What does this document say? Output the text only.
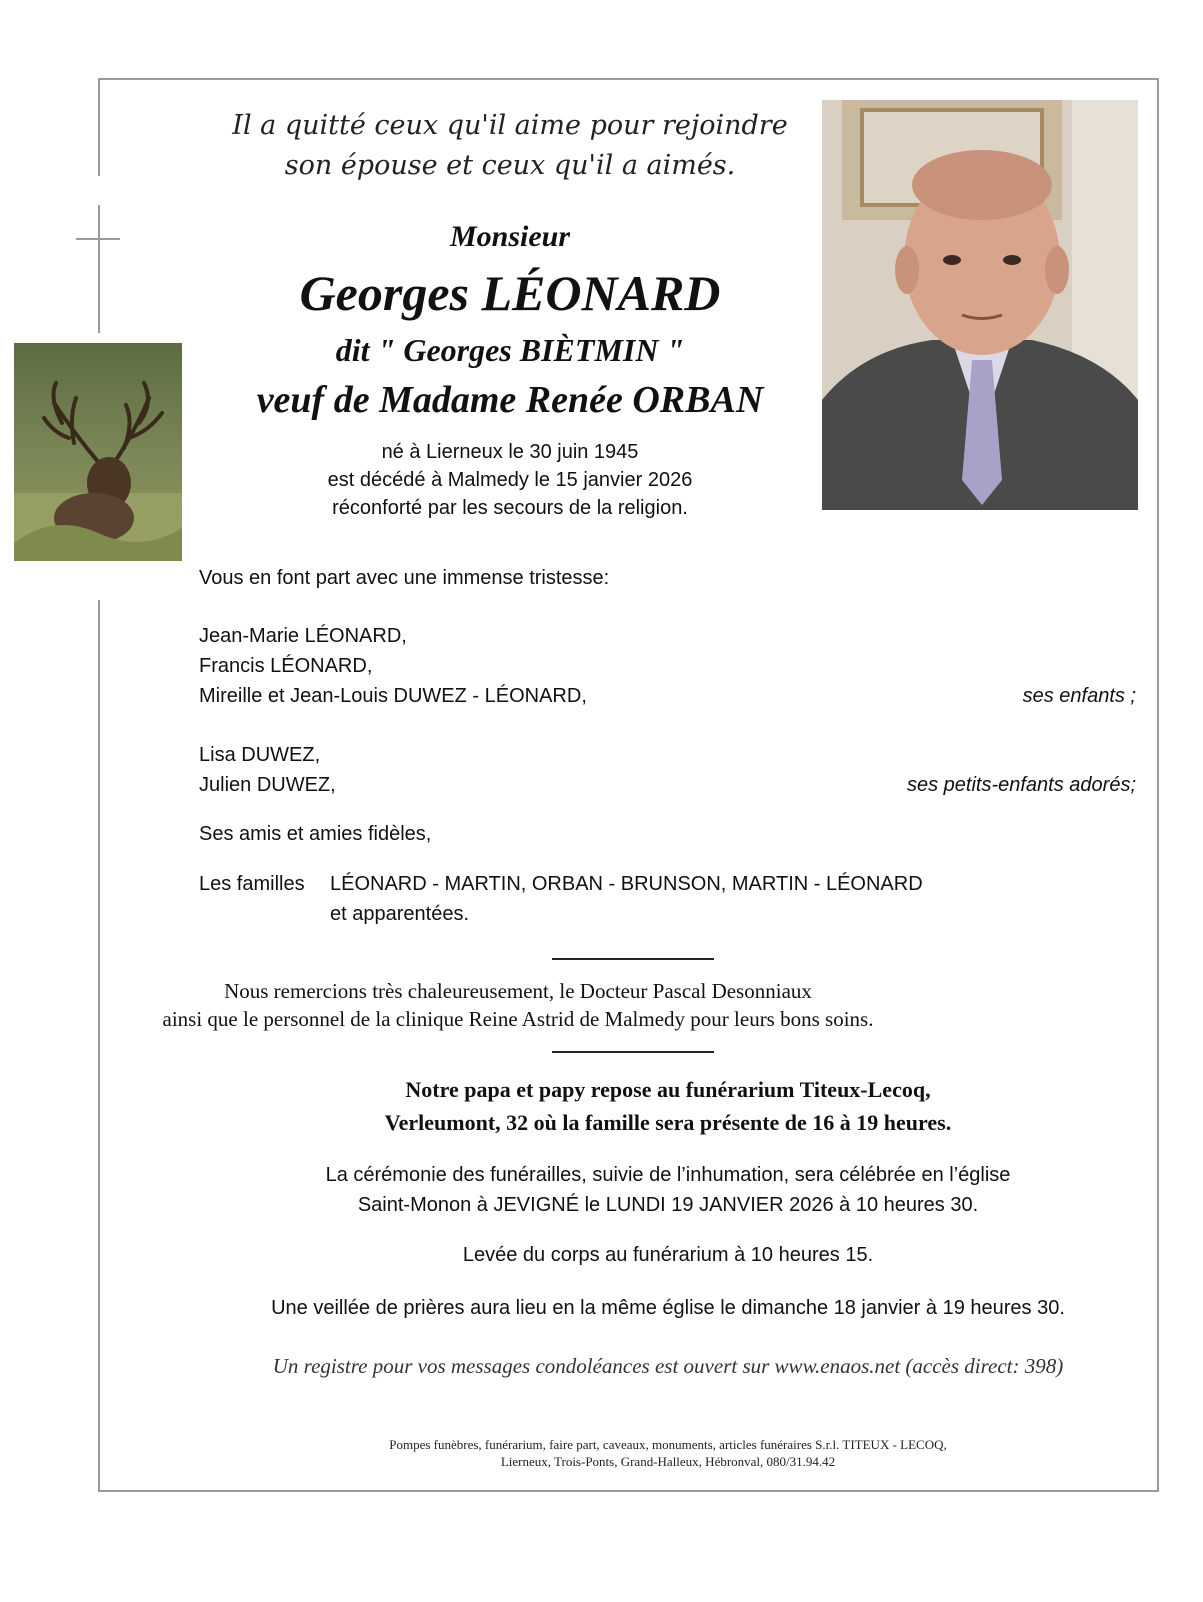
Il a quitté ceux qu'il aime pour rejoindre
son épouse et ceux qu'il a aimés.
Monsieur
Georges LÉONARD
dit " Georges BIÈTMIN "
veuf de Madame Renée ORBAN
né à Lierneux le 30 juin 1945
est décédé à Malmedy le 15 janvier 2026
réconforté par les secours de la religion.
Vous en font part avec une immense tristesse:
Jean-Marie LÉONARD,
Francis LÉONARD,
Mireille et Jean-Louis DUWEZ - LÉONARD,	ses enfants ;
Lisa DUWEZ,
Julien DUWEZ,	ses petits-enfants adorés;
Ses amis et amies fidèles,
Les familles LÉONARD - MARTIN, ORBAN - BRUNSON, MARTIN - LÉONARD
et apparentées.
Nous remercions très chaleureusement, le Docteur Pascal Desonniaux
ainsi que le personnel de la clinique Reine Astrid de Malmedy pour leurs bons soins.
Notre papa et papy repose au funérarium Titeux-Lecoq,
Verleumont, 32 où la famille sera présente de 16 à 19 heures.
La cérémonie des funérailles, suivie de l’inhumation, sera célébrée en l’église
Saint-Monon à JEVIGNÉ le LUNDI 19 JANVIER 2026 à 10 heures 30.
Levée du corps au funérarium à 10 heures 15.
Une veillée de prières aura lieu en la même église le dimanche 18 janvier à 19 heures 30.
Un registre pour vos messages condoléances est ouvert sur www.enaos.net (accès direct: 398)
Pompes funèbres, funérarium, faire part, caveaux, monuments, articles funéraires S.r.l. TITEUX - LECOQ,
Lierneux, Trois-Ponts, Grand-Halleux, Hébronval, 080/31.94.42
